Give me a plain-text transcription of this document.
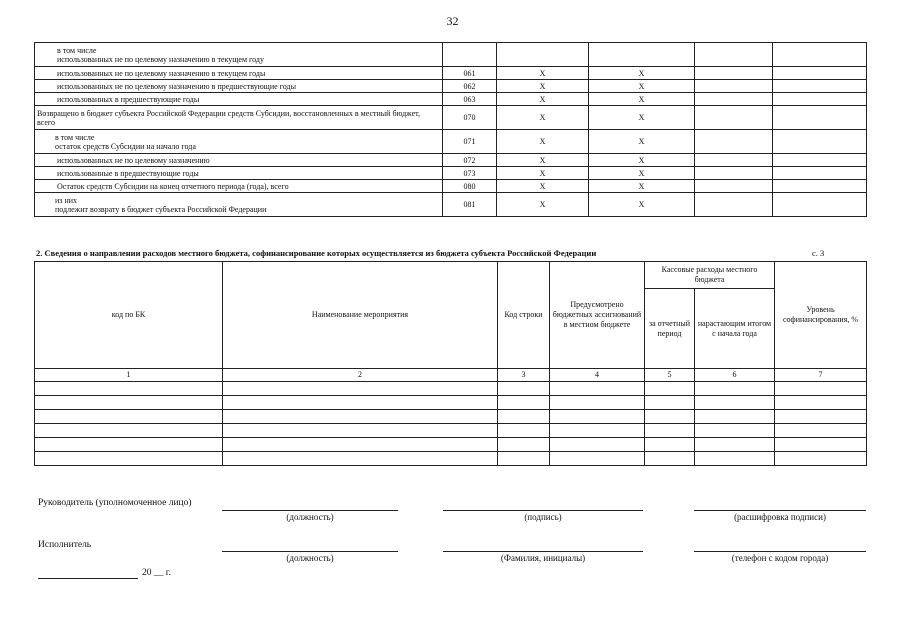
32
в том числе
использованных не по целевому назначению в текущем году					
использованных не по целевому назначению в текущем годы	061	X	X		
использованных не по целевому назначению в предшествующие годы	062	X	X		
использованных в предшествующие годы	063	X	X		
Возвращено в бюджет субъекта Российской Федерации средств Субсидии, восстановленных в местный бюджет, всего	070	X	X		
в том числе
остаток средств Субсидии на начало года	071	X	X		
использованных не по целевому назначению	072	X	X		
использованные в предшествующие годы	073	X	X		
Остаток средств Субсидии на конец отчетного периода (года), всего	080	X	X		
из них
подлежит возврату в бюджет субъекта Российской Федерации	081	X	X		
2. Сведения о направлении расходов местного бюджета, софинансирование которых осуществляется из бюджета субъекта Российской Федерации	с. 3
код по БК	Наименование мероприятия	Код строки	Предусмотрено бюджетных ассигнований в местном бюджете	Кассовые расходы местного бюджета		Уровень софинансирования, %
				за отчетный период	нарастающим итогом с начала года	
1	2	3	4	5	6	7

Руководитель (уполномоченное лицо)
(должность)	(подпись)	(расшифровка подписи)
Исполнитель
(должность)	(Фамилия, инициалы)	(телефон с кодом города)
20 __ г.
